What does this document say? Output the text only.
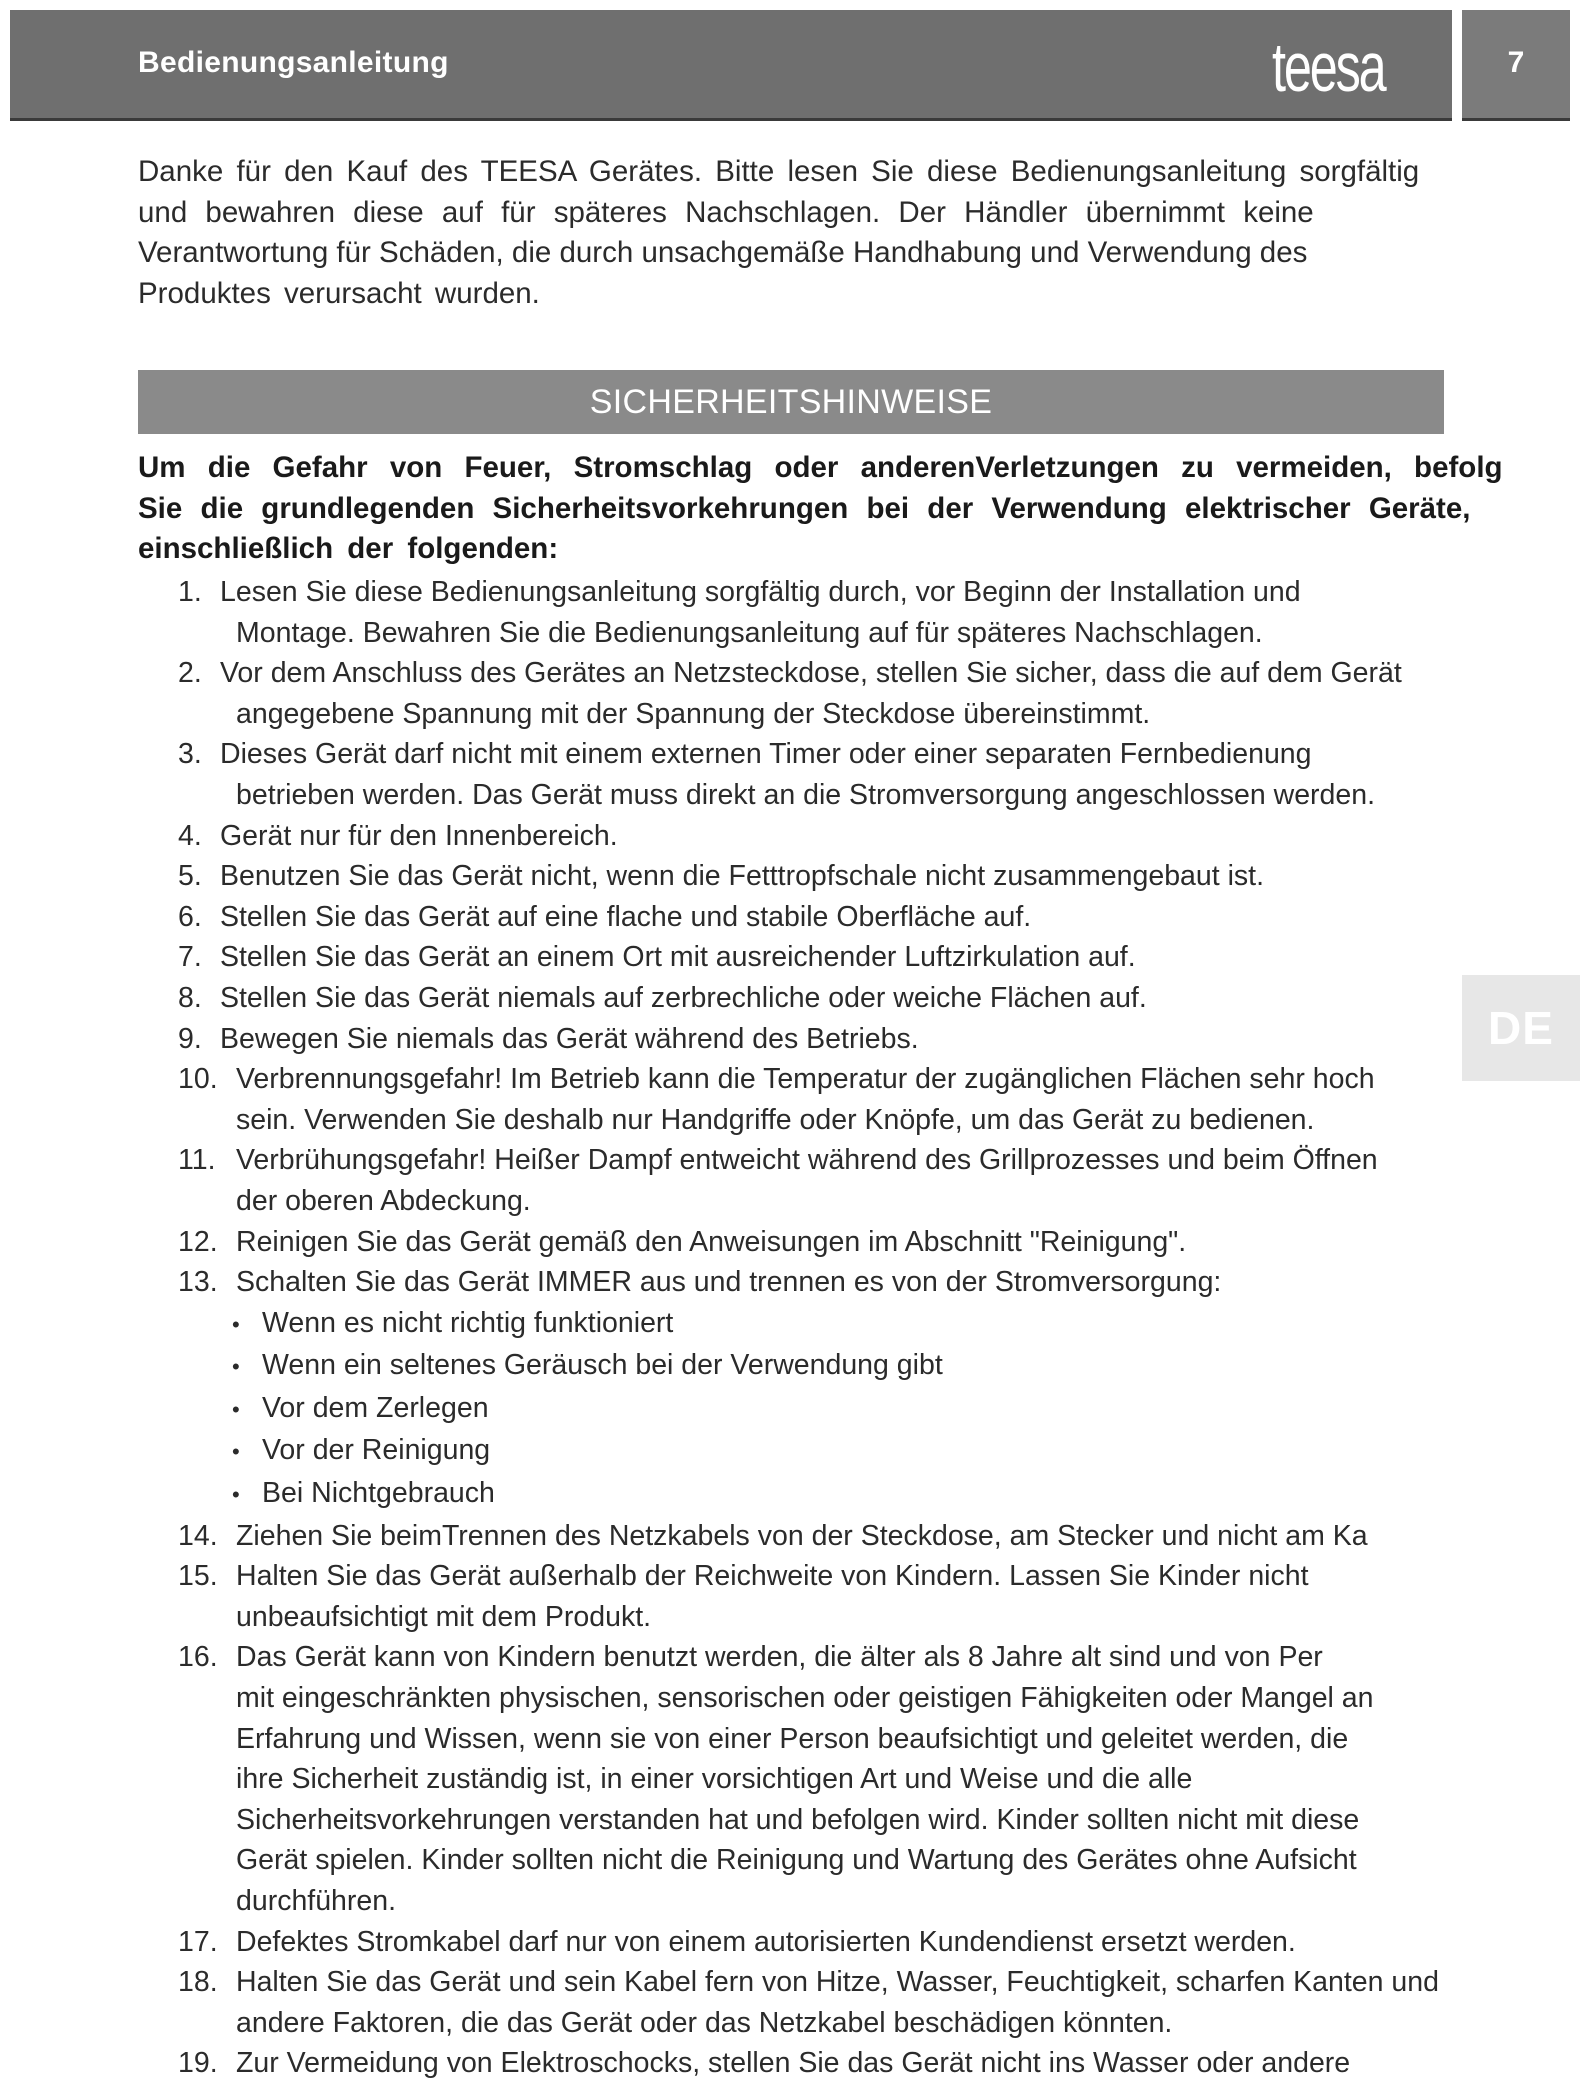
Bedienungsanleitung	teesa	7
Danke für den Kauf des TEESA Gerätes. Bitte lesen Sie diese Bedienungsanleitung sorgfältig
und bewahren diese auf für späteres Nachschlagen. Der Händler übernimmt keine
Verantwortung für Schäden, die durch unsachgemäße Handhabung und Verwendung des
Produktes verursacht wurden.
SICHERHEITSHINWEISE
Um die Gefahr von Feuer, Stromschlag oder anderenVerletzungen zu vermeiden, befolg
Sie die grundlegenden Sicherheitsvorkehrungen bei der Verwendung elektrischer Geräte,
einschließlich der folgenden:
DE
1. Lesen Sie diese Bedienungsanleitung sorgfältig durch, vor Beginn der Installation und
Montage. Bewahren Sie die Bedienungsanleitung auf für späteres Nachschlagen.
2. Vor dem Anschluss des Gerätes an Netzsteckdose, stellen Sie sicher, dass die auf dem Gerät
angegebene Spannung mit der Spannung der Steckdose übereinstimmt.
3. Dieses Gerät darf nicht mit einem externen Timer oder einer separaten Fernbedienung
betrieben werden. Das Gerät muss direkt an die Stromversorgung angeschlossen werden.
4. Gerät nur für den Innenbereich.
5. Benutzen Sie das Gerät nicht, wenn die Fetttropfschale nicht zusammengebaut ist.
6. Stellen Sie das Gerät auf eine flache und stabile Oberfläche auf.
7. Stellen Sie das Gerät an einem Ort mit ausreichender Luftzirkulation auf.
8. Stellen Sie das Gerät niemals auf zerbrechliche oder weiche Flächen auf.
9. Bewegen Sie niemals das Gerät während des Betriebs.
10. Verbrennungsgefahr! Im Betrieb kann die Temperatur der zugänglichen Flächen sehr hoch
sein. Verwenden Sie deshalb nur Handgriffe oder Knöpfe, um das Gerät zu bedienen.
11. Verbrühungsgefahr! Heißer Dampf entweicht während des Grillprozesses und beim Öffnen
der oberen Abdeckung.
12. Reinigen Sie das Gerät gemäß den Anweisungen im Abschnitt "Reinigung".
13. Schalten Sie das Gerät IMMER aus und trennen es von der Stromversorgung:
• Wenn es nicht richtig funktioniert
• Wenn ein seltenes Geräusch bei der Verwendung gibt
• Vor dem Zerlegen
• Vor der Reinigung
• Bei Nichtgebrauch
14. Ziehen Sie beimTrennen des Netzkabels von der Steckdose, am Stecker und nicht am Ka
15. Halten Sie das Gerät außerhalb der Reichweite von Kindern. Lassen Sie Kinder nicht
unbeaufsichtigt mit dem Produkt.
16. Das Gerät kann von Kindern benutzt werden, die älter als 8 Jahre alt sind und von Per
mit eingeschränkten physischen, sensorischen oder geistigen Fähigkeiten oder Mangel an
Erfahrung und Wissen, wenn sie von einer Person beaufsichtigt und geleitet werden, die
ihre Sicherheit zuständig ist, in einer vorsichtigen Art und Weise und die alle
Sicherheitsvorkehrungen verstanden hat und befolgen wird. Kinder sollten nicht mit diese
Gerät spielen. Kinder sollten nicht die Reinigung und Wartung des Gerätes ohne Aufsicht
durchführen.
17. Defektes Stromkabel darf nur von einem autorisierten Kundendienst ersetzt werden.
18. Halten Sie das Gerät und sein Kabel fern von Hitze, Wasser, Feuchtigkeit, scharfen Kanten und
andere Faktoren, die das Gerät oder das Netzkabel beschädigen könnten.
19. Zur Vermeidung von Elektroschocks, stellen Sie das Gerät nicht ins Wasser oder andere
